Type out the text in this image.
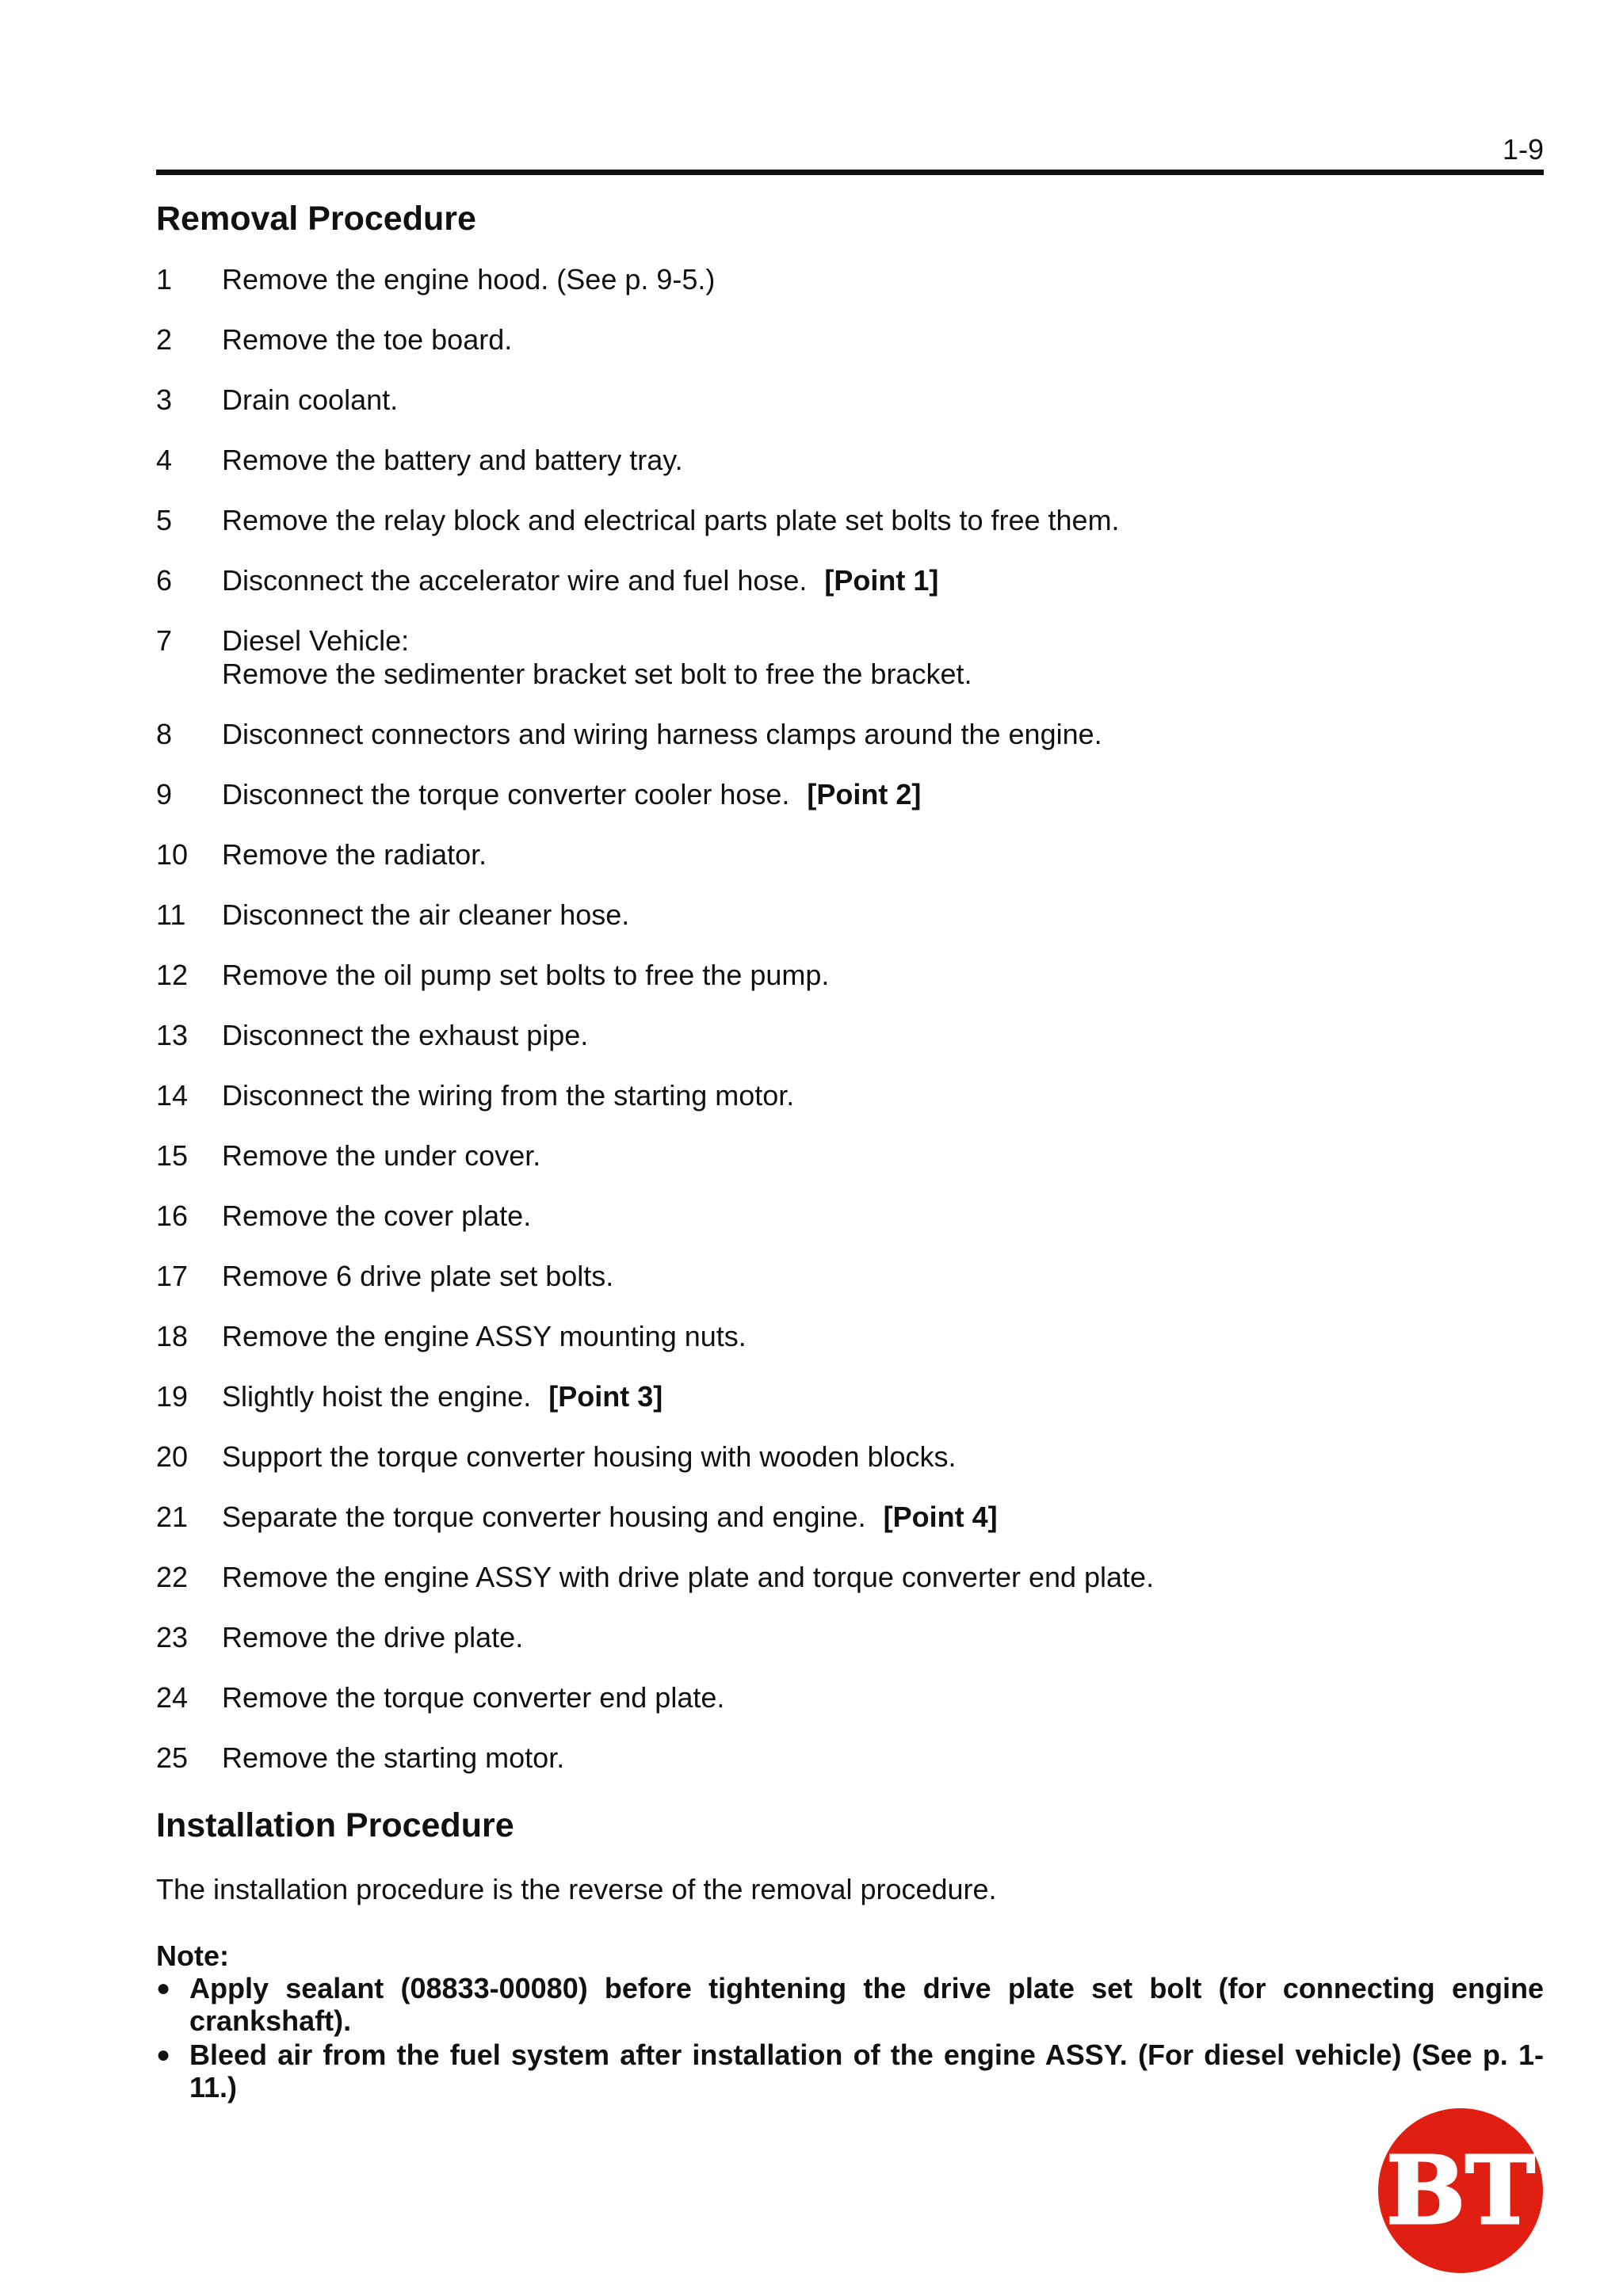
1-9
Removal Procedure
1	Remove the engine hood. (See p. 9-5.)
2	Remove the toe board.
3	Drain coolant.
4	Remove the battery and battery tray.
5	Remove the relay block and electrical parts plate set bolts to free them.
6	Disconnect the accelerator wire and fuel hose. [Point 1]
7	Diesel Vehicle:
Remove the sedimenter bracket set bolt to free the bracket.
8	Disconnect connectors and wiring harness clamps around the engine.
9	Disconnect the torque converter cooler hose. [Point 2]
10	Remove the radiator.
11	Disconnect the air cleaner hose.
12	Remove the oil pump set bolts to free the pump.
13	Disconnect the exhaust pipe.
14	Disconnect the wiring from the starting motor.
15	Remove the under cover.
16	Remove the cover plate.
17	Remove 6 drive plate set bolts.
18	Remove the engine ASSY mounting nuts.
19	Slightly hoist the engine. [Point 3]
20	Support the torque converter housing with wooden blocks.
21	Separate the torque converter housing and engine. [Point 4]
22	Remove the engine ASSY with drive plate and torque converter end plate.
23	Remove the drive plate.
24	Remove the torque converter end plate.
25	Remove the starting motor.
Installation Procedure
The installation procedure is the reverse of the removal procedure.
Note:
● Apply sealant (08833-00080) before tightening the drive plate set bolt (for connecting engine crankshaft).
● Bleed air from the fuel system after installation of the engine ASSY. (For diesel vehicle) (See p. 1-11.)
BT
